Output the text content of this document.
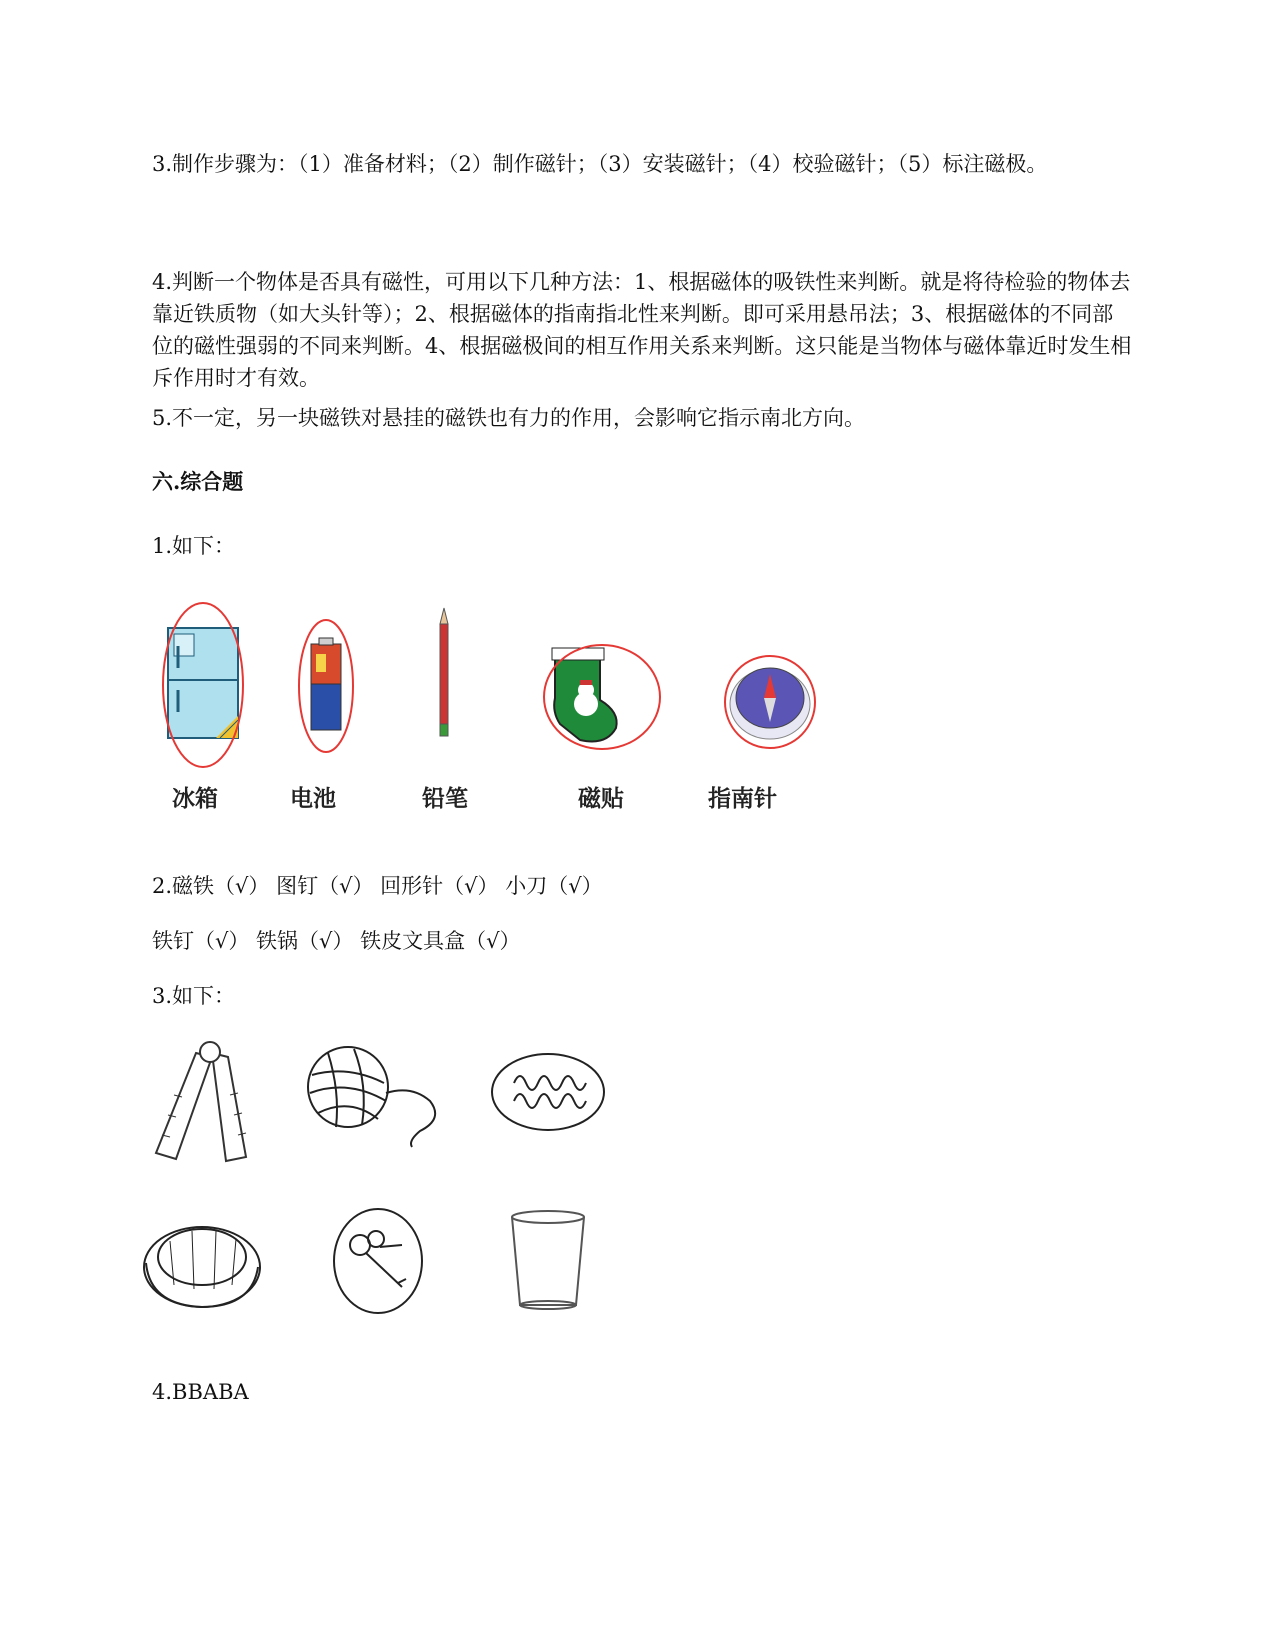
3.制作步骤为：（1）准备材料；（2）制作磁针；（3）安装磁针；（4）校验磁针；（5）标注磁极。

4.判断一个物体是否具有磁性，可用以下几种方法：1、根据磁体的吸铁性来判断。就是将待检验的物体去靠近铁质物（如大头针等）；2、根据磁体的指南指北性来判断。即可采用悬吊法；3、根据磁体的不同部位的磁性强弱的不同来判断。4、根据磁极间的相互作用关系来判断。这只能是当物体与磁体靠近时发生相斥作用时才有效。

5.不一定，另一块磁铁对悬挂的磁铁也有力的作用，会影响它指示南北方向。

六.综合题

1.如下：

冰箱	电池	铅笔	磁贴	指南针

2.磁铁（√） 图钉（√） 回形针（√） 小刀（√）

铁钉（√） 铁锅（√） 铁皮文具盒（√）

3.如下：

4.BBABA
